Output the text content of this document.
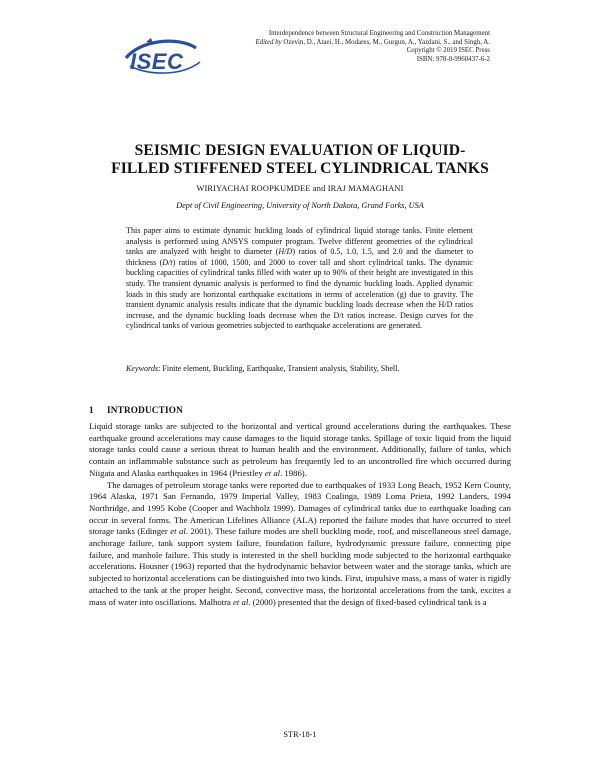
ISEC
Interdependence between Structural Engineering and Construction Management
Edited by Ozevin, D., Ataei, H., Modares, M., Gurgun, A., Yazdani, S., and Singh, A.
Copyright © 2019 ISEC Press
ISBN: 978-0-9960437-6-2
SEISMIC DESIGN EVALUATION OF LIQUID-
FILLED STIFFENED STEEL CYLINDRICAL TANKS
WIRIYACHAI ROOPKUMDEE and IRAJ MAMAGHANI
Dept of Civil Engineering, University of North Dakota, Grand Forks, USA
This paper aims to estimate dynamic buckling loads of cylindrical liquid storage tanks. Finite element analysis is performed using ANSYS computer program. Twelve different geometries of the cylindrical tanks are analyzed with height to diameter (H/D) ratios of 0.5, 1.0, 1.5, and 2.0 and the diameter to thickness (D/t) ratios of 1000, 1500, and 2000 to cover tall and short cylindrical tanks. The dynamic buckling capacities of cylindrical tanks filled with water up to 90% of their height are investigated in this study. The transient dynamic analysis is performed to find the dynamic buckling loads. Applied dynamic loads in this study are horizontal earthquake excitations in terms of acceleration (g) due to gravity. The transient dynamic analysis results indicate that the dynamic buckling loads decrease when the H/D ratios increase, and the dynamic buckling loads decrease when the D/t ratios increase. Design curves for the cylindrical tanks of various geometries subjected to earthquake accelerations are generated.
Keywords: Finite element, Buckling, Earthquake, Transient analysis, Stability, Shell.
1 INTRODUCTION

Liquid storage tanks are subjected to the horizontal and vertical ground accelerations during the earthquakes. These earthquake ground accelerations may cause damages to the liquid storage tanks. Spillage of toxic liquid from the liquid storage tanks could cause a serious threat to human health and the environment. Additionally, failure of tanks, which contain an inflammable substance such as petroleum has frequently led to an uncontrolled fire which occurred during Niigata and Alaska earthquakes in 1964 (Priestley et al. 1986).

The damages of petroleum storage tanks were reported due to earthquakes of 1933 Long Beach, 1952 Kern County, 1964 Alaska, 1971 San Fernando, 1979 Imperial Valley, 1983 Coalinga, 1989 Loma Prieta, 1992 Landers, 1994 Northridge, and 1995 Kobe (Cooper and Wachholz 1999). Damages of cylindrical tanks due to earthquake loading can occur in several forms. The American Lifelines Alliance (ALA) reported the failure modes that have occurred to steel storage tanks (Edinger et al. 2001). These failure modes are shell buckling mode, roof, and miscellaneous steel damage, anchorage failure, tank support system failure, foundation failure, hydrodynamic pressure failure, connecting pipe failure, and manhole failure. This study is interested in the shell buckling mode subjected to the horizontal earthquake accelerations. Housner (1963) reported that the hydrodynamic behavior between water and the storage tanks, which are subjected to horizontal accelerations can be distinguished into two kinds. First, impulsive mass, a mass of water is rigidly attached to the tank at the proper height. Second, convective mass, the horizontal accelerations from the tank, excites a mass of water into oscillations. Malhotra et al. (2000) presented that the design of fixed-based cylindrical tank is a

STR-18-1
